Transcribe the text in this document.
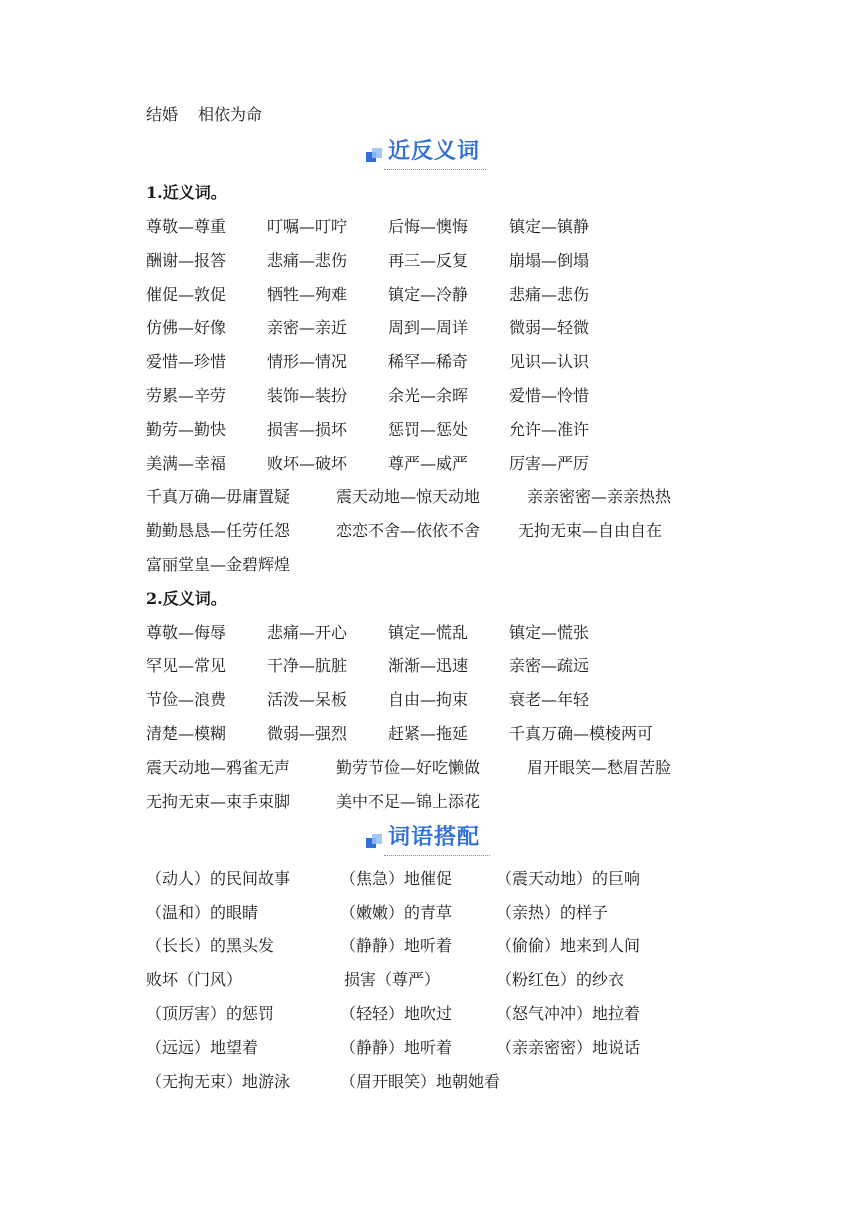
结婚 相依为命
近反义词
1.近义词。
尊敬—尊重	叮嘱—叮咛	后悔—懊悔	镇定—镇静
酬谢—报答	悲痛—悲伤	再三—反复	崩塌—倒塌
催促—敦促	牺牲—殉难	镇定—冷静	悲痛—悲伤
仿佛—好像	亲密—亲近	周到—周详	微弱—轻微
爱惜—珍惜	情形—情况	稀罕—稀奇	见识—认识
劳累—辛劳	装饰—装扮	余光—余晖	爱惜—怜惜
勤劳—勤快	损害—损坏	惩罚—惩处	允许—准许
美满—幸福	败坏—破坏	尊严—威严	厉害—严厉
千真万确—毋庸置疑	震天动地—惊天动地	亲亲密密—亲亲热热
勤勤恳恳—任劳任怨	恋恋不舍—依依不舍 无拘无束—自由自在
富丽堂皇—金碧辉煌
2.反义词。
尊敬—侮辱	悲痛—开心	镇定—慌乱	镇定—慌张
罕见—常见	干净—肮脏	渐渐—迅速	亲密—疏远
节俭—浪费	活泼—呆板	自由—拘束	衰老—年轻
清楚—模糊	微弱—强烈	赶紧—拖延	千真万确—模棱两可
震天动地—鸦雀无声	勤劳节俭—好吃懒做	眉开眼笑—愁眉苦脸
无拘无束—束手束脚	美中不足—锦上添花
词语搭配
（动人）的民间故事	（焦急）地催促	（震天动地）的巨响
（温和）的眼睛	（嫩嫩）的青草	（亲热）的样子
（长长）的黑头发	（静静）地听着	（偷偷）地来到人间
败坏（门风）	损害（尊严）	（粉红色）的纱衣
（顶厉害）的惩罚	（轻轻）地吹过	（怒气冲冲）地拉着
（远远）地望着	（静静）地听着	（亲亲密密）地说话
（无拘无束）地游泳	（眉开眼笑）地朝她看
